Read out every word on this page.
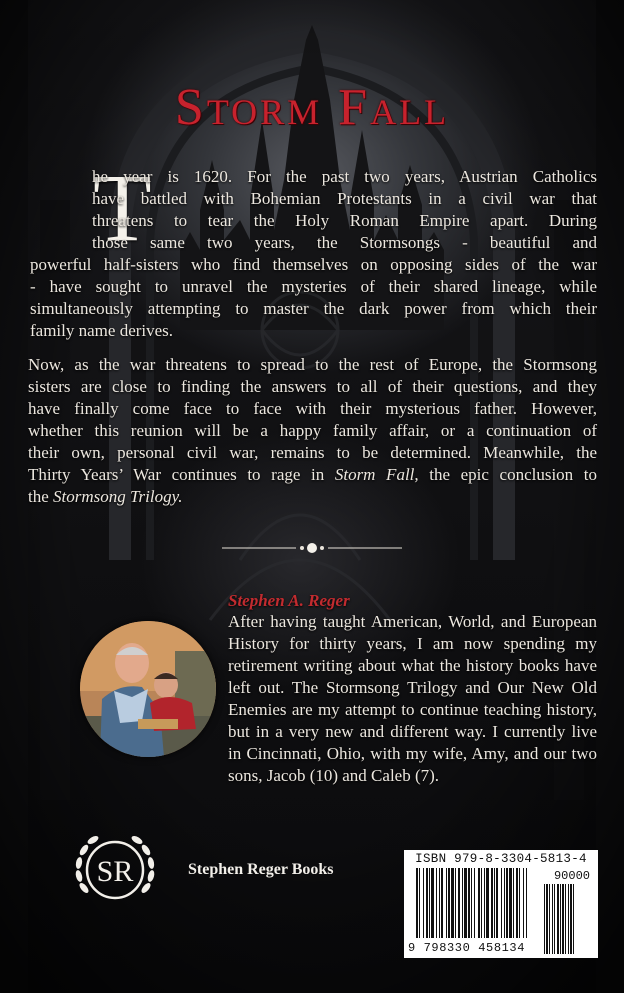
Storm Fall
T
he year is 1620. For the past two years, Austrian Catholics
have battled with Bohemian Protestants in a civil war that
threatens to tear the Holy Roman Empire apart. During
those same two years, the Stormsongs - beautiful and
powerful half-sisters who find themselves on opposing sides of the war
- have sought to unravel the mysteries of their shared lineage, while
simultaneously attempting to master the dark power from which their
family name derives.
Now, as the war threatens to spread to the rest of Europe, the Stormsong
sisters are close to finding the answers to all of their questions, and they
have finally come face to face with their mysterious father. However,
whether this reunion will be a happy family affair, or a continuation of
their own, personal civil war, remains to be determined. Meanwhile, the
Thirty Years’ War continues to rage in Storm Fall, the epic conclusion to
the Stormsong Trilogy.
Stephen A. Reger
After having taught American, World, and European
History for thirty years, I am now spending my
retirement writing about what the history books have
left out. The Stormsong Trilogy and Our New Old
Enemies are my attempt to continue teaching history,
but in a very new and different way. I currently live
in Cincinnati, Ohio, with my wife, Amy, and our two
sons, Jacob (10) and Caleb (7).
SR	Stephen Reger Books
ISBN 979-8-3304-5813-4
90000
9 798330 458134
